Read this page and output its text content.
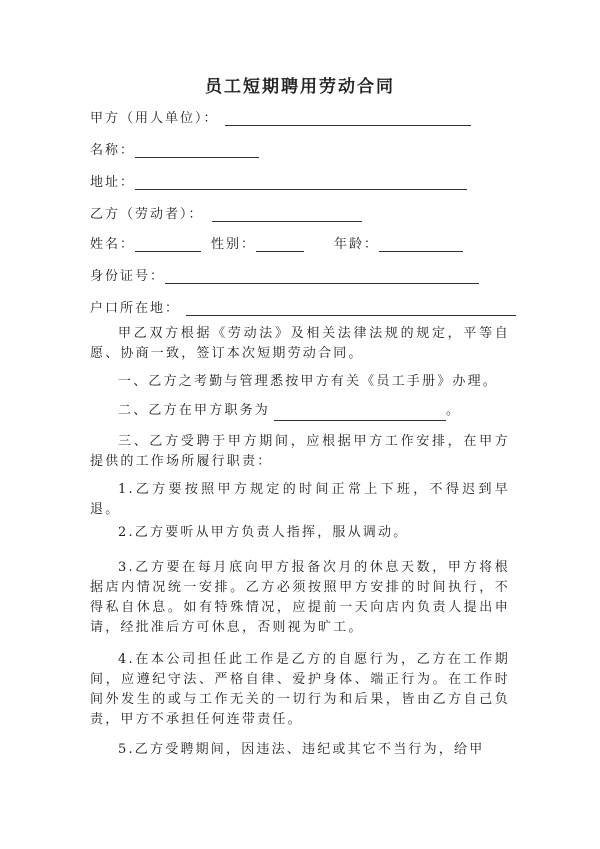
员工短期聘用劳动合同
甲方（用人单位）：
名称：
地址：
乙方（劳动者）：
姓名：	性别：	年龄：
身份证号：
户口所在地：
甲乙双方根据《劳动法》及相关法律法规的规定，平等自愿、协商一致，签订本次短期劳动合同。
一、乙方之考勤与管理悉按甲方有关《员工手册》办理。
二、乙方在甲方职务为	。
三、乙方受聘于甲方期间，应根据甲方工作安排，在甲方提供的工作场所履行职责：
1.乙方要按照甲方规定的时间正常上下班，不得迟到早退。
2.乙方要听从甲方负责人指挥，服从调动。
3.乙方要在每月底向甲方报备次月的休息天数，甲方将根据店内情况统一安排。乙方必须按照甲方安排的时间执行，不得私自休息。如有特殊情况，应提前一天向店内负责人提出申请，经批准后方可休息，否则视为旷工。
4.在本公司担任此工作是乙方的自愿行为，乙方在工作期间，应遵纪守法、严格自律、爱护身体、端正行为。在工作时间外发生的或与工作无关的一切行为和后果，皆由乙方自己负责，甲方不承担任何连带责任。
5.乙方受聘期间，因违法、违纪或其它不当行为，给甲
